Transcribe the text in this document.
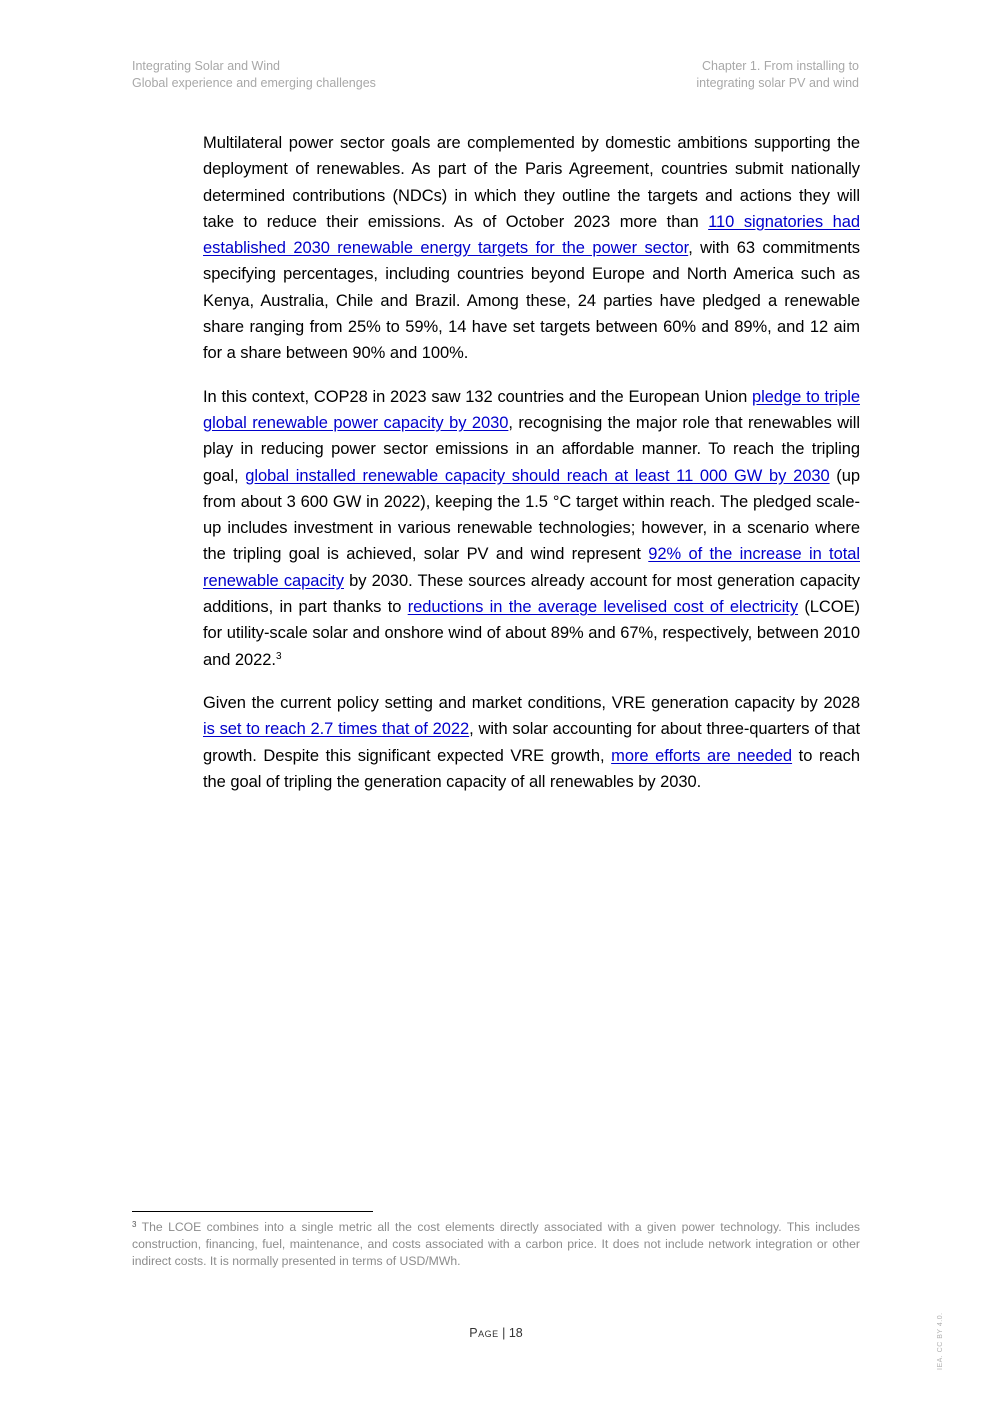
Integrating Solar and Wind
Global experience and emerging challenges
Chapter 1. From installing to
integrating solar PV and wind

Multilateral power sector goals are complemented by domestic ambitions supporting the deployment of renewables. As part of the Paris Agreement, countries submit nationally determined contributions (NDCs) in which they outline the targets and actions they will take to reduce their emissions. As of October 2023 more than 110 signatories had established 2030 renewable energy targets for the power sector, with 63 commitments specifying percentages, including countries beyond Europe and North America such as Kenya, Australia, Chile and Brazil. Among these, 24 parties have pledged a renewable share ranging from 25% to 59%, 14 have set targets between 60% and 89%, and 12 aim for a share between 90% and 100%.

In this context, COP28 in 2023 saw 132 countries and the European Union pledge to triple global renewable power capacity by 2030, recognising the major role that renewables will play in reducing power sector emissions in an affordable manner. To reach the tripling goal, global installed renewable capacity should reach at least 11 000 GW by 2030 (up from about 3 600 GW in 2022), keeping the 1.5 °C target within reach. The pledged scale-up includes investment in various renewable technologies; however, in a scenario where the tripling goal is achieved, solar PV and wind represent 92% of the increase in total renewable capacity by 2030. These sources already account for most generation capacity additions, in part thanks to reductions in the average levelised cost of electricity (LCOE) for utility-scale solar and onshore wind of about 89% and 67%, respectively, between 2010 and 2022.$^3$

Given the current policy setting and market conditions, VRE generation capacity by 2028 is set to reach 2.7 times that of 2022, with solar accounting for about three-quarters of that growth. Despite this significant expected VRE growth, more efforts are needed to reach the goal of tripling the generation capacity of all renewables by 2030.

$^3$ The LCOE combines into a single metric all the cost elements directly associated with a given power technology. This includes construction, financing, fuel, maintenance, and costs associated with a carbon price. It does not include network integration or other indirect costs. It is normally presented in terms of USD/MWh.
Page | 18	IEA. CC BY 4.0.
